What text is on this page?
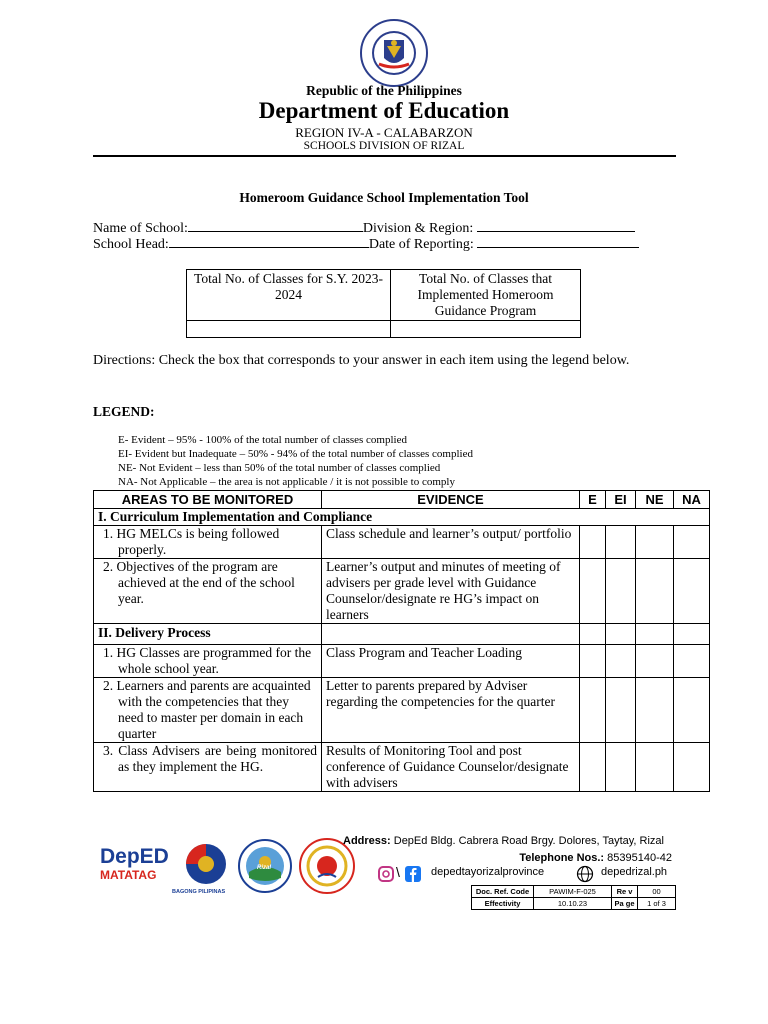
Republic of the Philippines
Department of Education
REGION IV-A - CALABARZON
SCHOOLS DIVISION OF RIZAL
Homeroom Guidance School Implementation Tool
Name of School:	Division & Region:
School Head:	Date of Reporting:
Total No. of Classes for S.Y. 2023-2024	Total No. of Classes that Implemented Homeroom Guidance Program

Directions: Check the box that corresponds to your answer in each item using the legend below.
LEGEND:
E- Evident – 95% - 100% of the total number of classes complied
EI- Evident but Inadequate – 50% - 94% of the total number of classes complied
NE- Not Evident – less than 50% of the total number of classes complied
NA- Not Applicable – the area is not applicable / it is not possible to comply
AREAS TO BE MONITORED	EVIDENCE	E	EI	NE	NA
I. Curriculum Implementation and Compliance					

1. HG MELCs is being followed properly.	Class schedule and learner’s output/ portfolio				

2. Objectives of the program are achieved at the end of the school year.	Learner’s output and minutes of meeting of advisers per grade level with Guidance Counselor/designate re HG’s impact on learners				
II. Delivery Process					

1. HG Classes are programmed for the whole school year.	Class Program and Teacher Loading				

2. Learners and parents are acquainted with the competencies that they need to master per domain in each quarter	Letter to parents prepared by Adviser regarding the competencies for the quarter				

3. Class Advisers are being monitored as they implement the HG.	Results of Monitoring Tool and post conference of Guidance Counselor/designate with advisers				
DepED
MATATAG
BAGONG PILIPINAS
Rizal
Address: DepEd Bldg. Cabrera Road Brgy. Dolores, Taytay, Rizal
Telephone Nos.: 85395140-42
\	depedtayorizalprovince	depedrizal.ph
Doc. Ref. Code	PAWIM-F-025	Re v	00
Effectivity	10.10.23	Pa ge	1 of 3
